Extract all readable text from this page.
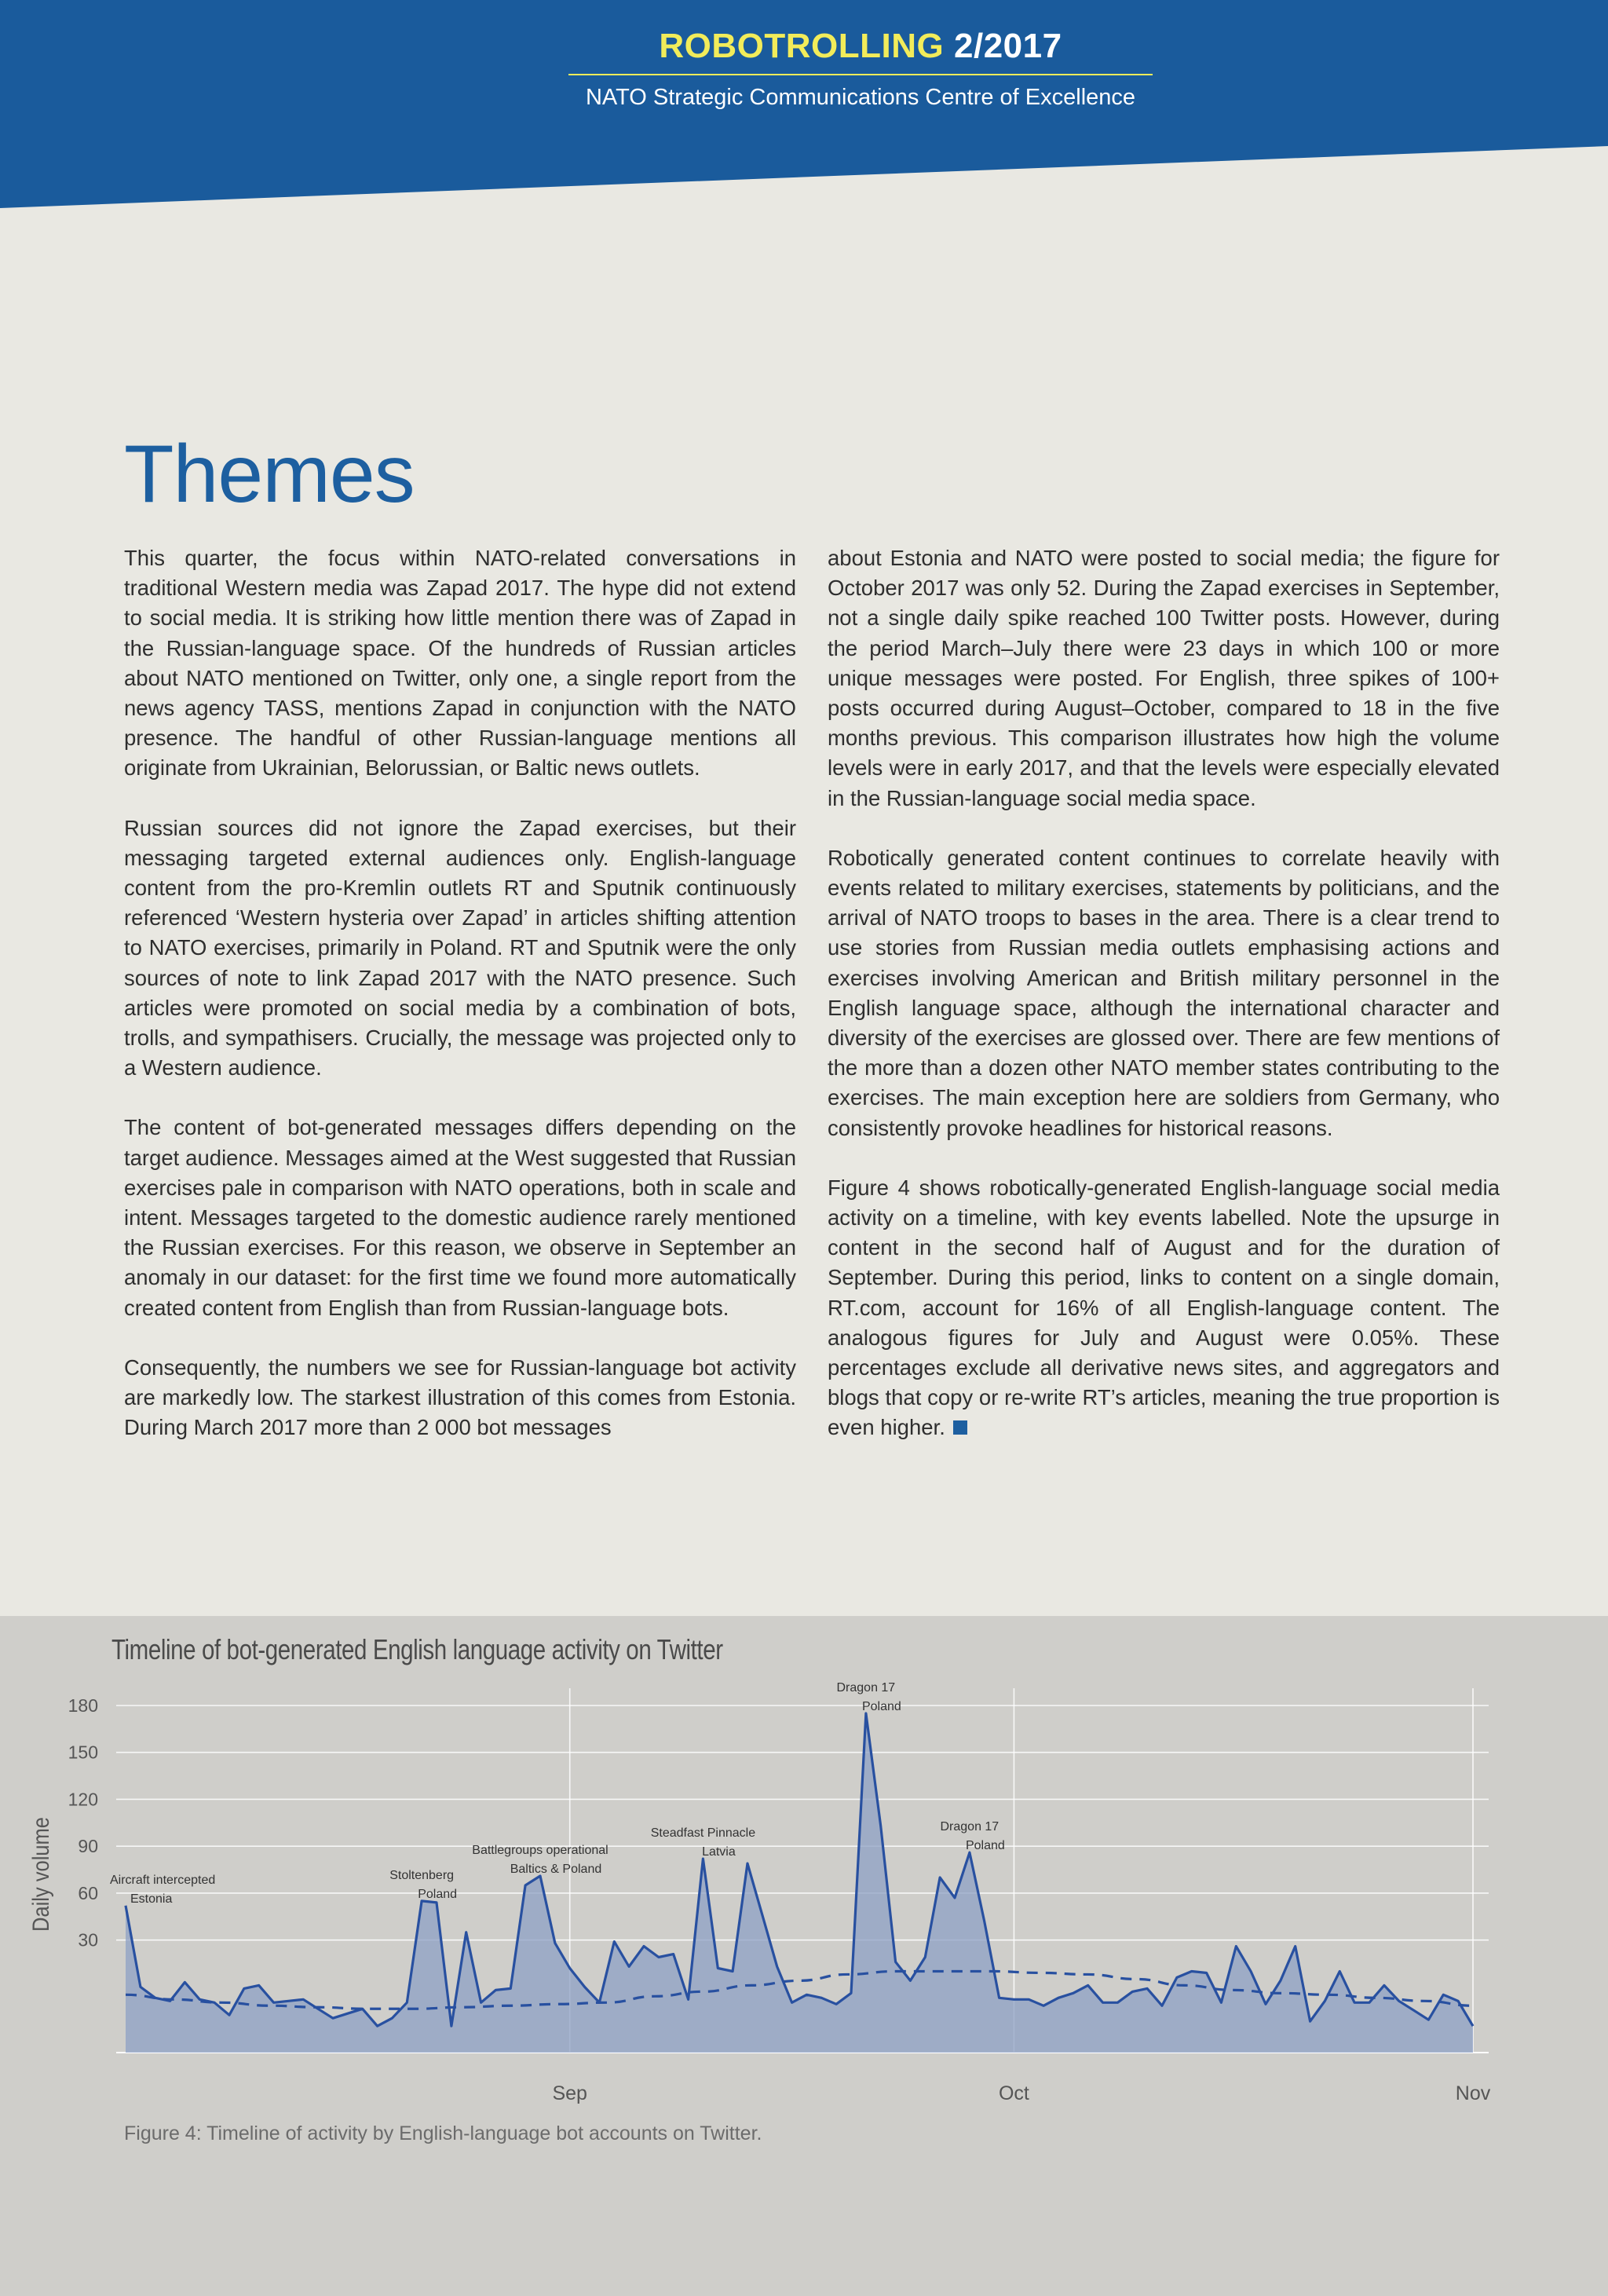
ROBOTROLLING 2/2017
NATO Strategic Communications Centre of Excellence
Themes

This quarter, the focus within NATO-related conversations in traditional Western media was Zapad 2017. The hype did not extend to social media. It is striking how little mention there was of Zapad in the Russian-language space. Of the hundreds of Russian articles about NATO mentioned on Twitter, only one, a single report from the news agency TASS, mentions Zapad in conjunction with the NATO presence. The handful of other Russian-language mentions all originate from Ukrainian, Belorussian, or Baltic news outlets.

Russian sources did not ignore the Zapad exercises, but their messaging targeted external audiences only. English-language content from the pro-Kremlin outlets RT and Sputnik continuously referenced ‘Western hysteria over Zapad’ in articles shifting attention to NATO exercises, primarily in Poland. RT and Sputnik were the only sources of note to link Zapad 2017 with the NATO presence. Such articles were promoted on social media by a combination of bots, trolls, and sympathisers. Crucially, the message was projected only to a Western audience.

The content of bot-generated messages differs depending on the target audience. Messages aimed at the West suggested that Russian exercises pale in comparison with NATO operations, both in scale and intent. Messages targeted to the domestic audience rarely mentioned the Russian exercises. For this reason, we observe in September an anomaly in our dataset: for the first time we found more automatically created content from English than from Russian-language bots.

Consequently, the numbers we see for Russian-language bot activity are markedly low. The starkest illustration of this comes from Estonia. During March 2017 more than 2 000 bot messages

about Estonia and NATO were posted to social media; the figure for October 2017 was only 52. During the Zapad exercises in September, not a single daily spike reached 100 Twitter posts. However, during the period March–July there were 23 days in which 100 or more unique messages were posted. For English, three spikes of 100+ posts occurred during August–October, compared to 18 in the five months previous. This comparison illustrates how high the volume levels were in early 2017, and that the levels were especially elevated in the Russian-language social media space.

Robotically generated content continues to correlate heavily with events related to military exercises, statements by politicians, and the arrival of NATO troops to bases in the area. There is a clear trend to use stories from Russian media outlets emphasising actions and exercises involving American and British military personnel in the English language space, although the international character and diversity of the exercises are glossed over. There are few mentions of the more than a dozen other NATO member states contributing to the exercises. The main exception here are soldiers from Germany, who consistently provoke headlines for historical reasons.

Figure 4 shows robotically-generated English-language social media activity on a timeline, with key events labelled. Note the upsurge in content in the second half of August and for the duration of September. During this period, links to content on a single domain, RT.com, account for 16% of all English-language content. The analogous figures for July and August were 0.05%. These percentages exclude all derivative news sites, and aggregators and blogs that copy or re-write RT’s articles, meaning the true proportion is even higher.

Timeline of bot-generated English language activity on Twitter
Daily volume
30
60
90
120
150
180
Sep	Oct	Nov
Aircraft intercepted
Estonia
Stoltenberg
Poland
Battlegroups operational
Baltics & Poland
Steadfast Pinnacle
Latvia
Dragon 17
Poland
Dragon 17
Poland
Figure 4: Timeline of activity by English-language bot accounts on Twitter.
